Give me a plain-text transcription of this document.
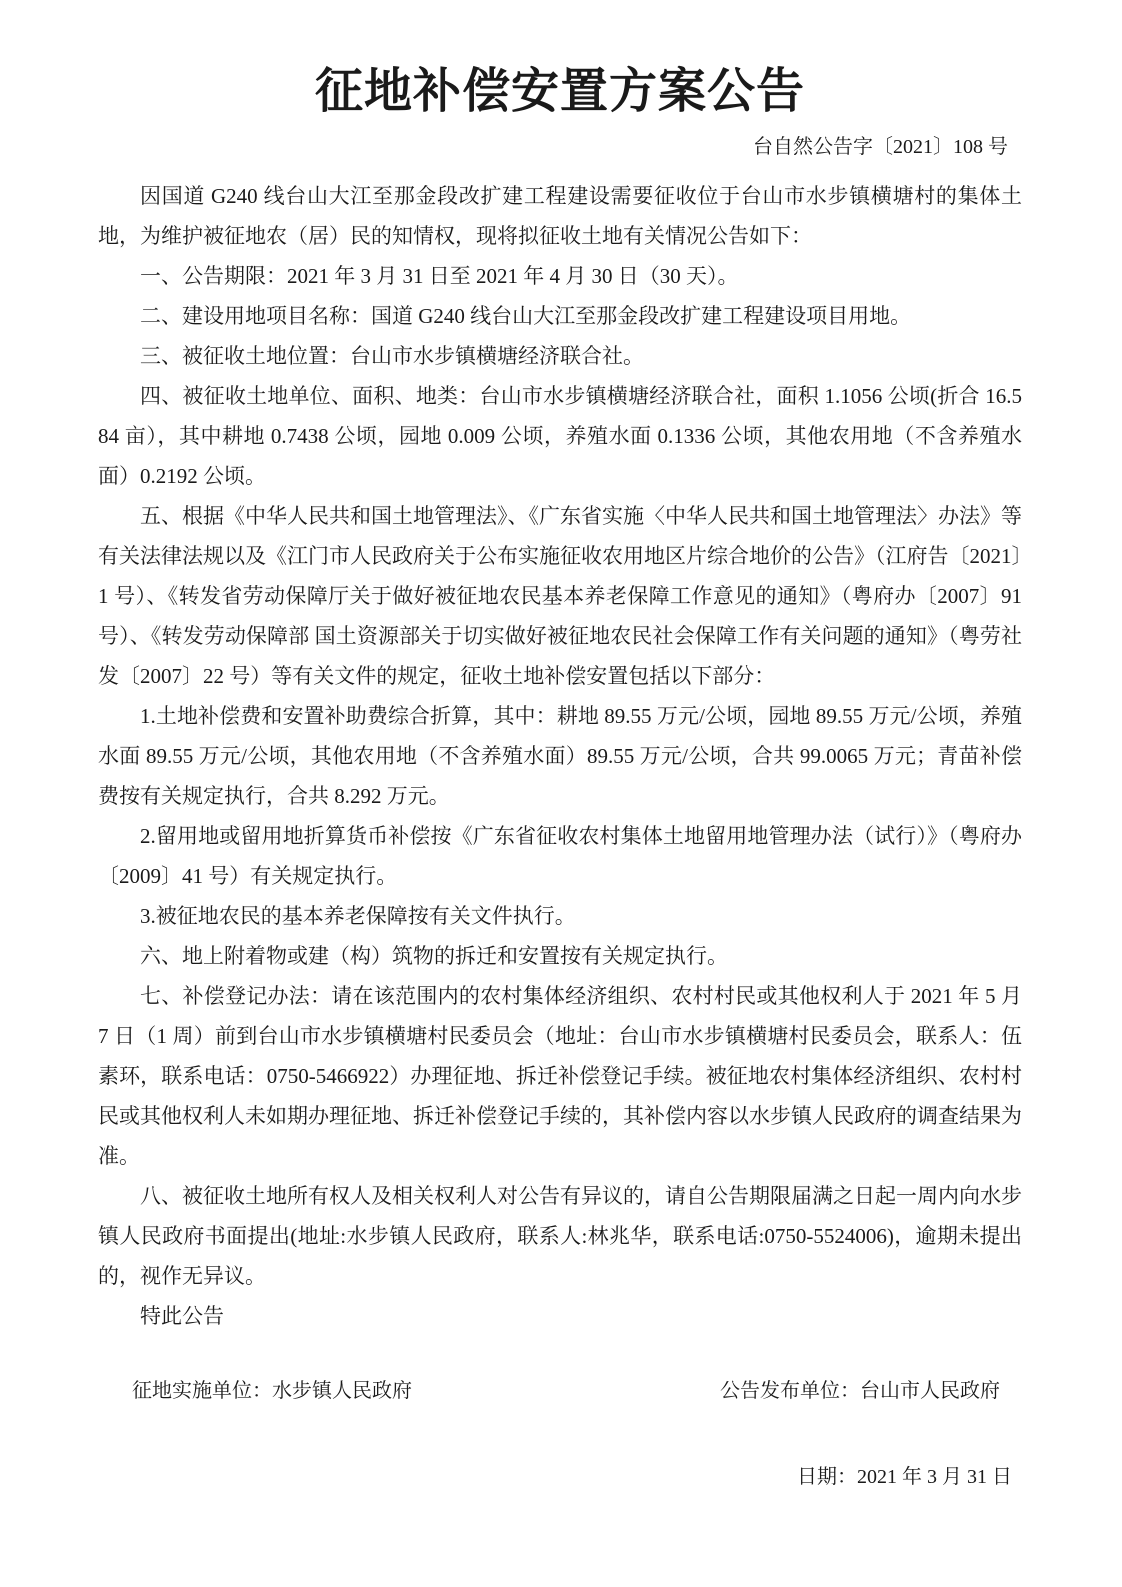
征地补偿安置方案公告
台自然公告字〔2021〕108 号

因国道 G240 线台山大江至那金段改扩建工程建设需要征收位于台山市水步镇横塘村的集体土地，为维护被征地农（居）民的知情权，现将拟征收土地有关情况公告如下：

一、公告期限：2021 年 3 月 31 日至 2021 年 4 月 30 日（30 天）。

二、建设用地项目名称：国道 G240 线台山大江至那金段改扩建工程建设项目用地。

三、被征收土地位置：台山市水步镇横塘经济联合社。

四、被征收土地单位、面积、地类：台山市水步镇横塘经济联合社，面积 1.1056 公顷(折合 16.584 亩），其中耕地 0.7438 公顷，园地 0.009 公顷，养殖水面 0.1336 公顷，其他农用地（不含养殖水面）0.2192 公顷。

五、根据《中华人民共和国土地管理法》、《广东省实施〈中华人民共和国土地管理法〉办法》等有关法律法规以及《江门市人民政府关于公布实施征收农用地区片综合地价的公告》（江府告〔2021〕1 号）、《转发省劳动保障厅关于做好被征地农民基本养老保障工作意见的通知》（粤府办〔2007〕91 号）、《转发劳动保障部 国土资源部关于切实做好被征地农民社会保障工作有关问题的通知》（粤劳社发〔2007〕22 号）等有关文件的规定，征收土地补偿安置包括以下部分：

1.土地补偿费和安置补助费综合折算，其中：耕地 89.55 万元/公顷，园地 89.55 万元/公顷，养殖水面 89.55 万元/公顷，其他农用地（不含养殖水面）89.55 万元/公顷，合共 99.0065 万元；青苗补偿费按有关规定执行，合共 8.292 万元。

2.留用地或留用地折算货币补偿按《广东省征收农村集体土地留用地管理办法（试行）》（粤府办〔2009〕41 号）有关规定执行。

3.被征地农民的基本养老保障按有关文件执行。

六、地上附着物或建（构）筑物的拆迁和安置按有关规定执行。

七、补偿登记办法：请在该范围内的农村集体经济组织、农村村民或其他权利人于 2021 年 5 月 7 日（1 周）前到台山市水步镇横塘村民委员会（地址：台山市水步镇横塘村民委员会，联系人：伍素环，联系电话：0750-5466922）办理征地、拆迁补偿登记手续。被征地农村集体经济组织、农村村民或其他权利人未如期办理征地、拆迁补偿登记手续的，其补偿内容以水步镇人民政府的调查结果为准。

八、被征收土地所有权人及相关权利人对公告有异议的，请自公告期限届满之日起一周内向水步镇人民政府书面提出(地址:水步镇人民政府，联系人:林兆华，联系电话:0750-5524006)，逾期未提出的，视作无异议。

特此公告

征地实施单位：水步镇人民政府	公告发布单位：台山市人民政府
日期：2021 年 3 月 31 日
